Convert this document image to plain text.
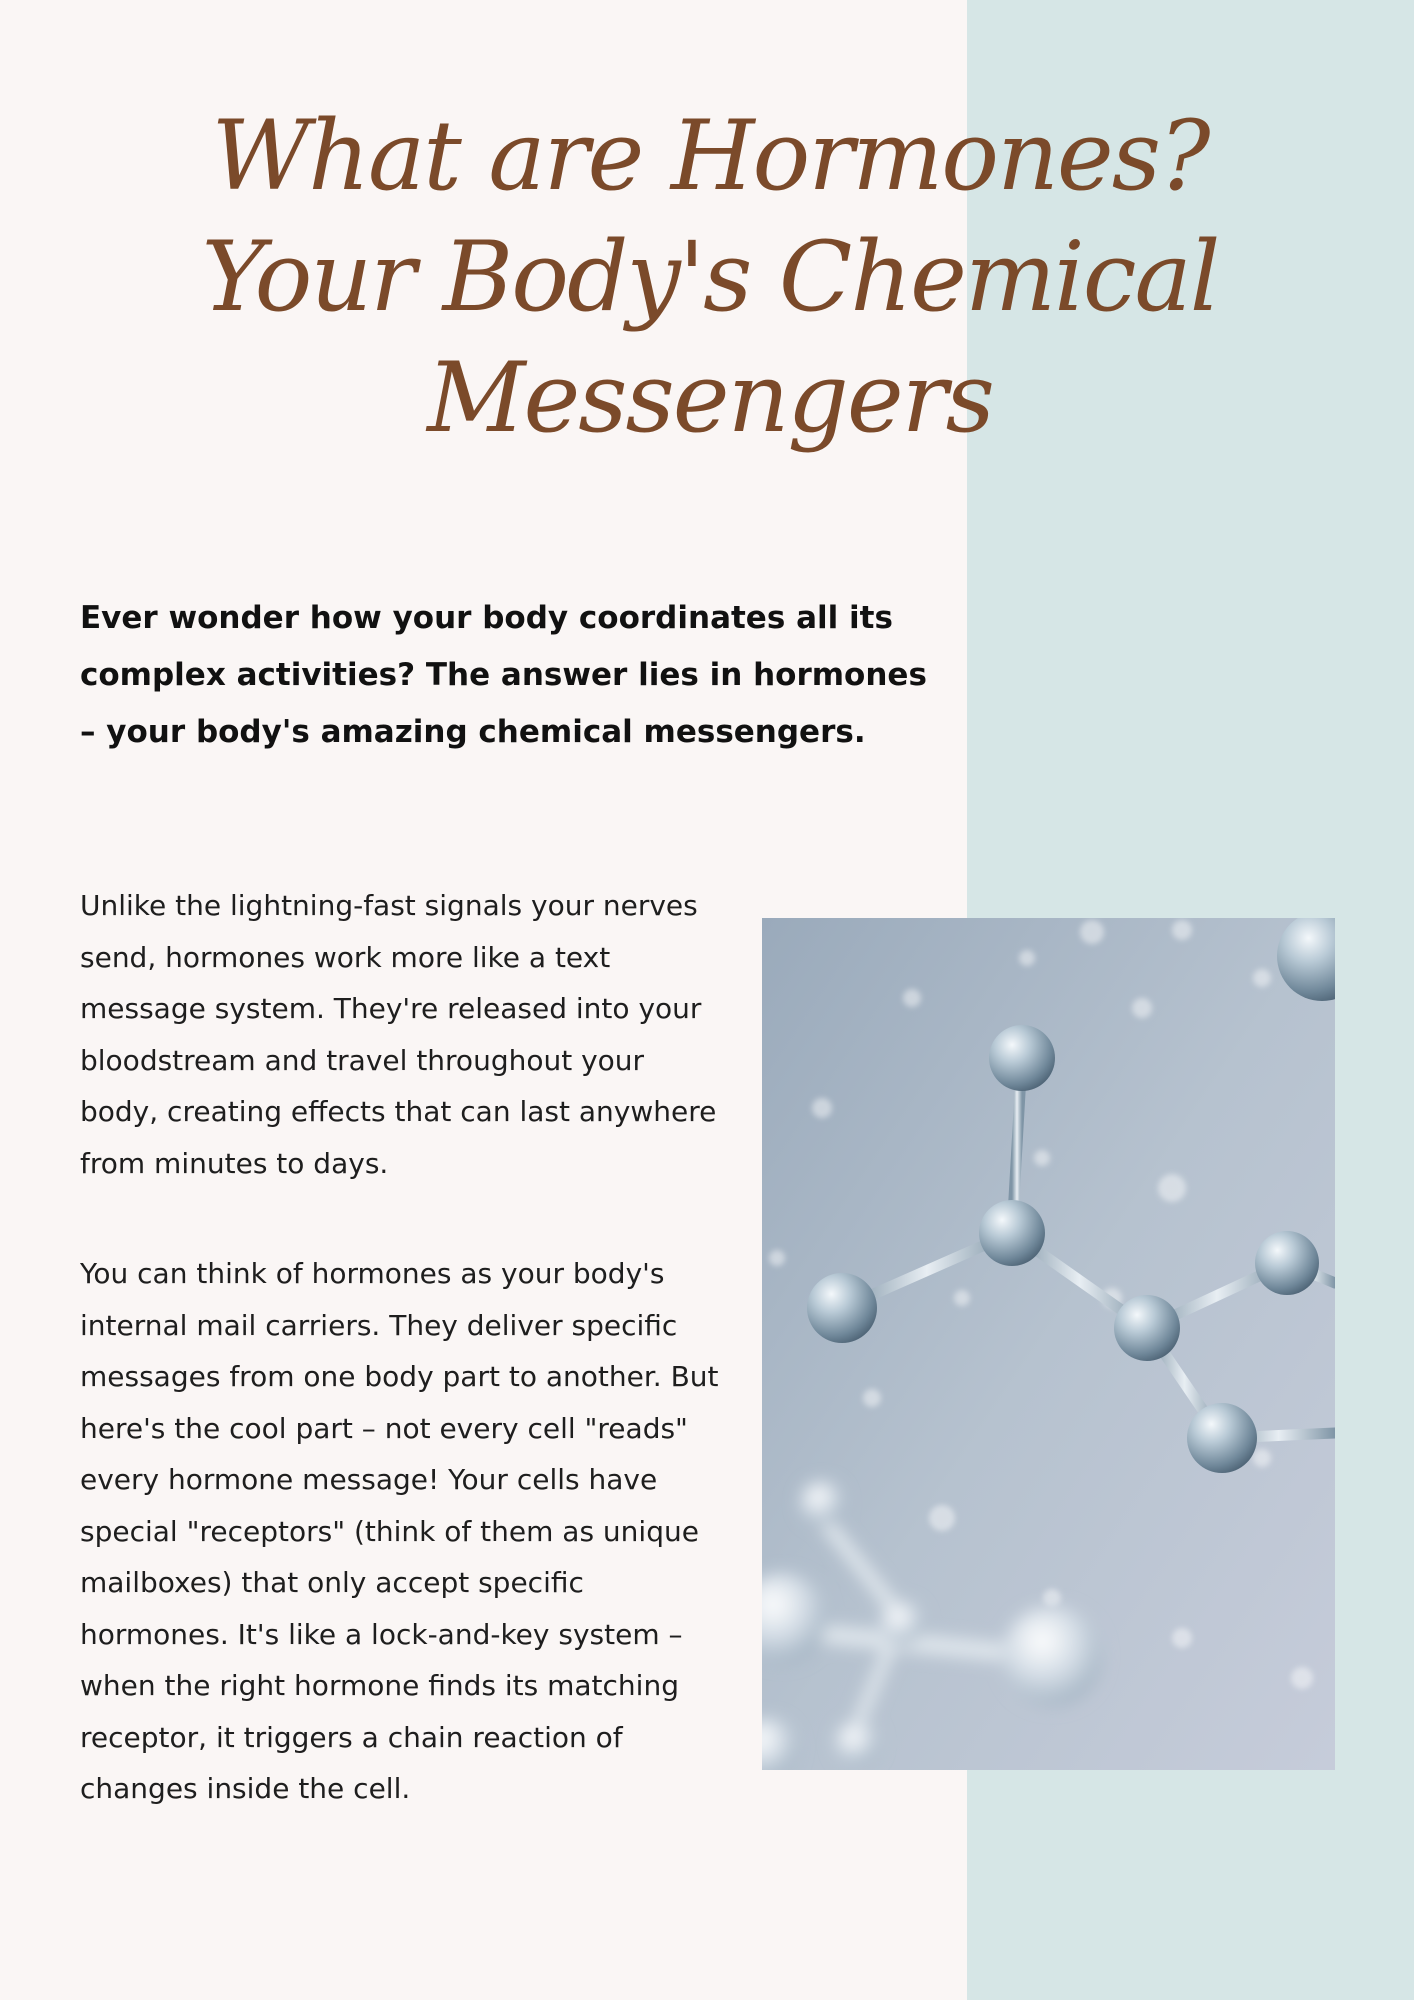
What are Hormones?
Your Body's Chemical
Messengers

Ever wonder how your body coordinates all its complex activities? The answer lies in hormones – your body's amazing chemical messengers.

Unlike the lightning-fast signals your nerves send, hormones work more like a text message system. They're released into your bloodstream and travel throughout your body, creating effects that can last anywhere from minutes to days.

You can think of hormones as your body's internal mail carriers. They deliver specific messages from one body part to another. But here's the cool part – not every cell "reads" every hormone message! Your cells have special "receptors" (think of them as unique mailboxes) that only accept specific hormones. It's like a lock-and-key system – when the right hormone finds its matching receptor, it triggers a chain reaction of changes inside the cell.
